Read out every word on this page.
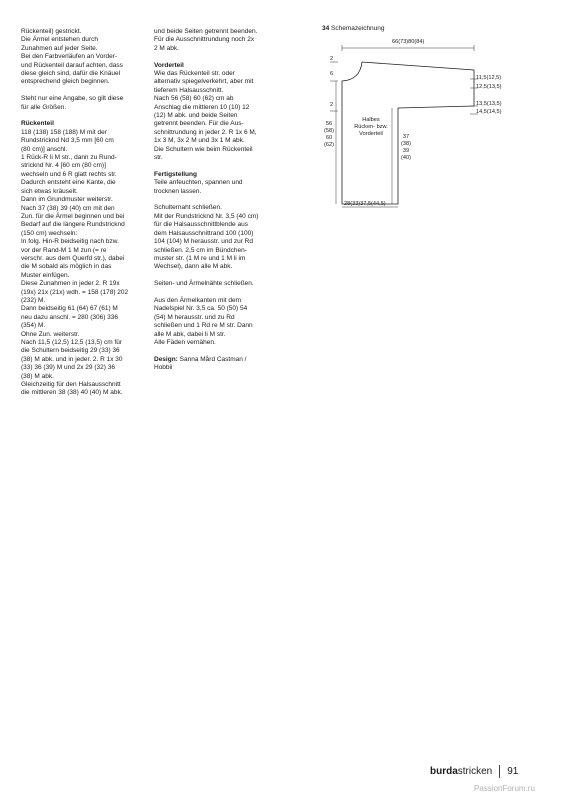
Rückenteil) gestrickt.
Die Ärmel entstehen durch
Zunahmen auf jeder Seite.
Bei den Farbverläufen an Vorder-
und Rückenteil darauf achten, dass
diese gleich sind, dafür die Knäuel
entsprechend gleich beginnen.

Steht nur eine Angabe, so gilt diese
für alle Größen.

Rückenteil

118 (138) 158 (188) M mit der
Rundstricknd Nd 3,5 mm [60 cm
(80 cm)] anschl.
1 Rück-R li M str., dann zu Rund-
stricknd Nr. 4 [60 cm (80 cm)]
wechseln und 6 R glatt rechts str.
Dadurch entsteht eine Kante, die
sich etwas kräuselt.
Dann im Grundmuster weiterstr.
Nach 37 (38) 39 (40) cm mit den
Zun. für die Ärmel beginnen und bei
Bedarf auf die längere Rundstricknd
(150 cm) wechseln:
In folg. Hin-R beidseitig nach bzw.
vor der Rand-M 1 M zun (= re
verschr. aus dem Querfd str.), dabei
die M sobald als möglich in das
Muster einfügen.
Diese Zunahmen in jeder 2. R 19x
(19x) 21x (21x) wdh. = 158 (178) 202
(232) M.
Dann beidseitig 61 (64) 67 (61) M
neu dazu anschl. = 280 (306) 336
(354) M.
Ohne Zun. weiterstr.
Nach 11,5 (12,5) 12,5 (13,5) cm für
die Schultern beidseitig 29 (33) 36
(38) M abk. und in jeder. 2. R 1x 30
(33) 36 (39) M und 2x 29 (32) 36
(38) M abk.
Gleichzeitig für den Halsausschnitt
die mittleren 38 (38) 40 (40) M abk.

und beide Seiten getrennt beenden.
Für die Ausschnittrundung noch 2x
2 M abk.

Vorderteil

Wie das Rückenteil str. oder
alternativ spiegelverkehrt, aber mit
tieferem Halsausschnitt.
Nach 56 (58) 60 (62) cm ab
Anschlag die mittleren 10 (10) 12
(12) M abk. und beide Seiten
getrennt beenden. Für die Aus-
schnittrundung in jeder 2. R 1x 6 M,
1x 3 M, 3x 2 M und 3x 1 M abk.
Die Schultern wie beim Rückenteil
str.

Fertigstellung

Teile anfeuchten, spannen und
trocknen lassen.

Schulternaht schließen.
Mit der Rundstricknd Nr. 3,5 (40 cm)
für die Halsausschnittblende aus
dem Halsausschnittrand 100 (100)
104 (104) M herausstr. und zur Rd
schließen. 2,5 cm im Bündchen-
muster str. (1 M re und 1 M li im
Wechsel), dann alle M abk.

Seiten- und Ärmelnähte schließen.

Aus den Ärmelkanten mit dem
Nadelspiel Nr. 3,5 ca. 50 (50) 54
(54) M herausstr. und zu Rd
schließen und 1 Rd re M str. Dann
alle M abk, dabei li M str.
Alle Fäden vernähen.

Design: Sanna Mård Castman /
Hobbii

34 Schemazeichnung
66(73)80(84)
2
6
2
11,5(12,5)
12,5(13,5)
13,5(13,5)
14,5(14,5)
56
(58)
60
(62)
Halbes
Rücken- bzw.
Vorderteil	37
(38)
39
(40)
28(33)37,5(44,5)
burdastricken 91
PassionForum.ru
